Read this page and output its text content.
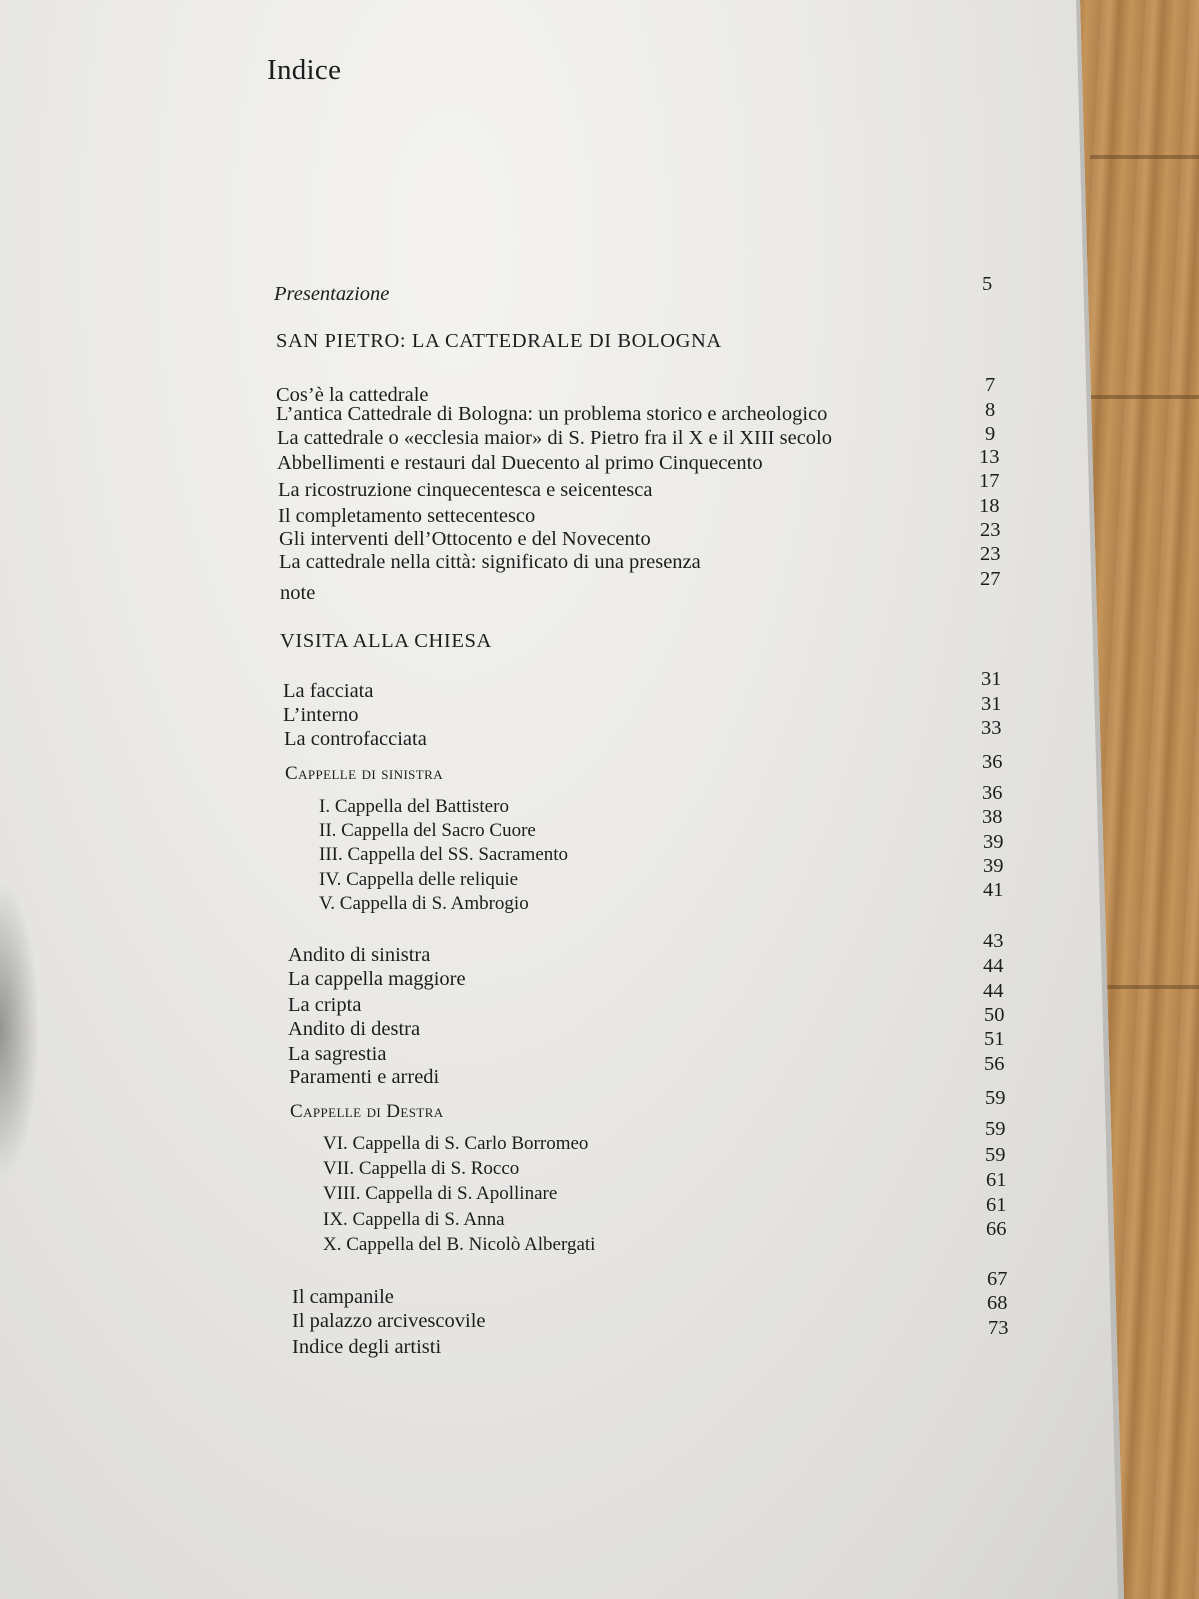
Indice
Presentazione	5
SAN PIETRO: LA CATTEDRALE DI BOLOGNA
Cos’è la cattedrale
L’antica Cattedrale di Bologna: un problema storico e archeologico
La cattedrale o «ecclesia maior» di S. Pietro fra il X e il XIII secolo
Abbellimenti e restauri dal Duecento al primo Cinquecento
La ricostruzione cinquecentesca e seicentesca
Il completamento settecentesco
Gli interventi dell’Ottocento e del Novecento
La cattedrale nella città: significato di una presenza
note
7
8
9
13
17
18
23
23
27
VISITA ALLA CHIESA
La facciata
L’interno
La controfacciata
31
31
33
Cappelle di sinistra
36
I. Cappella del Battistero
II. Cappella del Sacro Cuore
III. Cappella del SS. Sacramento
IV. Cappella delle reliquie
V. Cappella di S. Ambrogio
36
38
39
39
41
Andito di sinistra
La cappella maggiore
La cripta
Andito di destra
La sagrestia
Paramenti e arredi
43
44
44
50
51
56
Cappelle di Destra
59
VI. Cappella di S. Carlo Borromeo
VII. Cappella di S. Rocco
VIII. Cappella di S. Apollinare
IX. Cappella di S. Anna
X. Cappella del B. Nicolò Albergati
59
59
61
61
66
Il campanile
Il palazzo arcivescovile
Indice degli artisti
67
68
73
